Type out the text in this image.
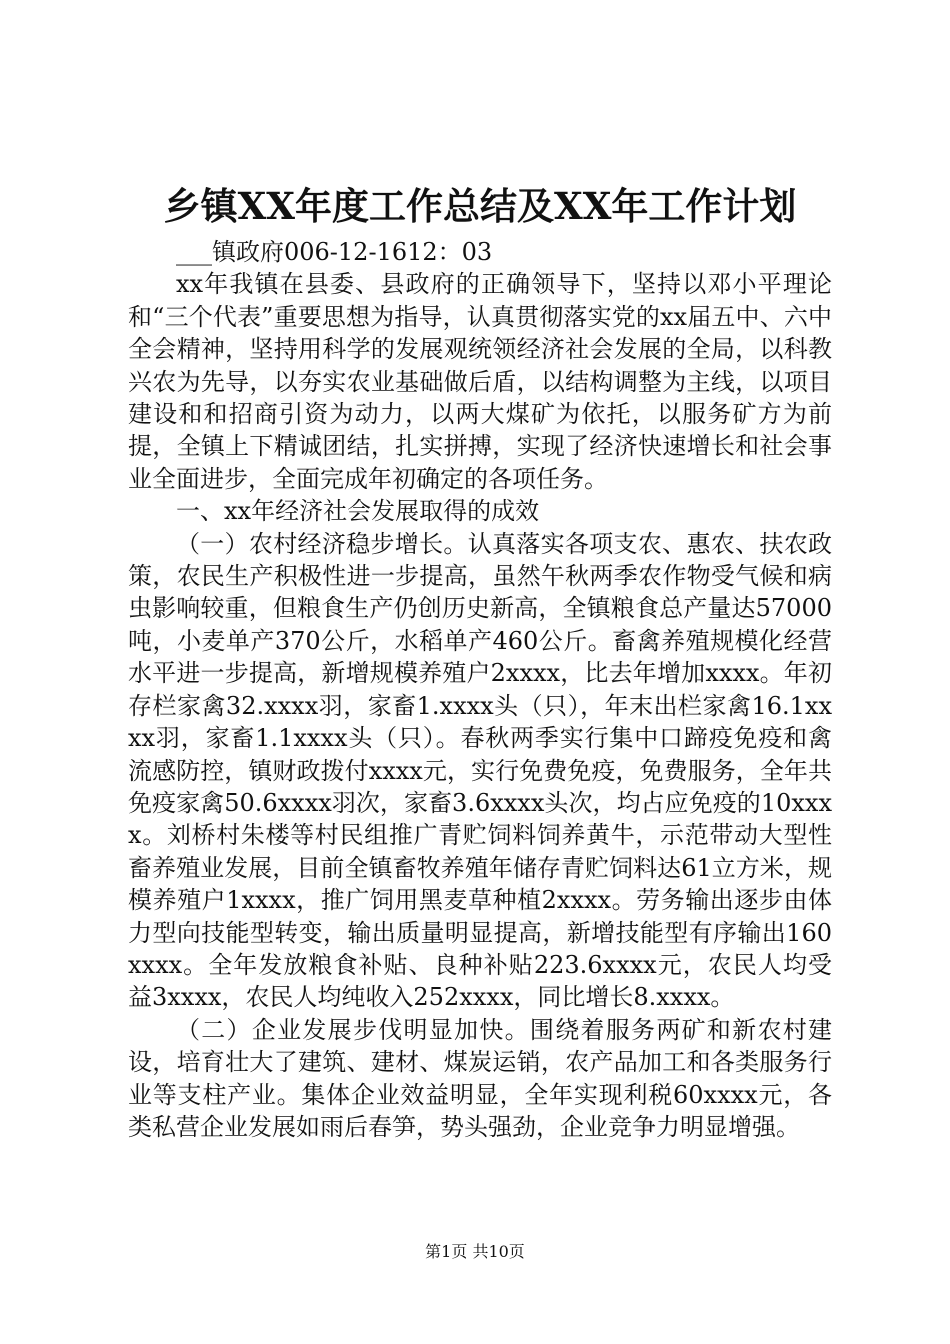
乡镇XX年度工作总结及XX年工作计划

___镇政府006-12-1612：03

xx年我镇在县委、县政府的正确领导下，坚持以邓小平理论和“三个代表”重要思想为指导，认真贯彻落实党的xx届五中、六中全会精神，坚持用科学的发展观统领经济社会发展的全局，以科教兴农为先导，以夯实农业基础做后盾，以结构调整为主线，以项目建设和和招商引资为动力，以两大煤矿为依托，以服务矿方为前提，全镇上下精诚团结，扎实拼搏，实现了经济快速增长和社会事业全面进步，全面完成年初确定的各项任务。

一、xx年经济社会发展取得的成效

（一）农村经济稳步增长。认真落实各项支农、惠农、扶农政策，农民生产积极性进一步提高，虽然午秋两季农作物受气候和病虫影响较重，但粮食生产仍创历史新高，全镇粮食总产量达57000吨，小麦单产370公斤，水稻单产460公斤。畜禽养殖规模化经营水平进一步提高，新增规模养殖户2xxxx，比去年增加xxxx。年初存栏家禽32.xxxx羽，家畜1.xxxx头（只），年末出栏家禽16.1xxxx羽，家畜1.1xxxx头（只）。春秋两季实行集中口蹄疫免疫和禽流感防控，镇财政拨付xxxx元，实行免费免疫，免费服务，全年共免疫家禽50.6xxxx羽次，家畜3.6xxxx头次，均占应免疫的10xxxx。刘桥村朱楼等村民组推广青贮饲料饲养黄牛，示范带动大型性畜养殖业发展，目前全镇畜牧养殖年储存青贮饲料达61立方米，规模养殖户1xxxx，推广饲用黑麦草种植2xxxx。劳务输出逐步由体力型向技能型转变，输出质量明显提高，新增技能型有序输出160xxxx。全年发放粮食补贴、良种补贴223.6xxxx元，农民人均受益3xxxx，农民人均纯收入252xxxx，同比增长8.xxxx。

（二）企业发展步伐明显加快。围绕着服务两矿和新农村建设，培育壮大了建筑、建材、煤炭运销，农产品加工和各类服务行业等支柱产业。集体企业效益明显，全年实现利税60xxxx元，各类私营企业发展如雨后春笋，势头强劲，企业竞争力明显增强。

第1页 共10页
